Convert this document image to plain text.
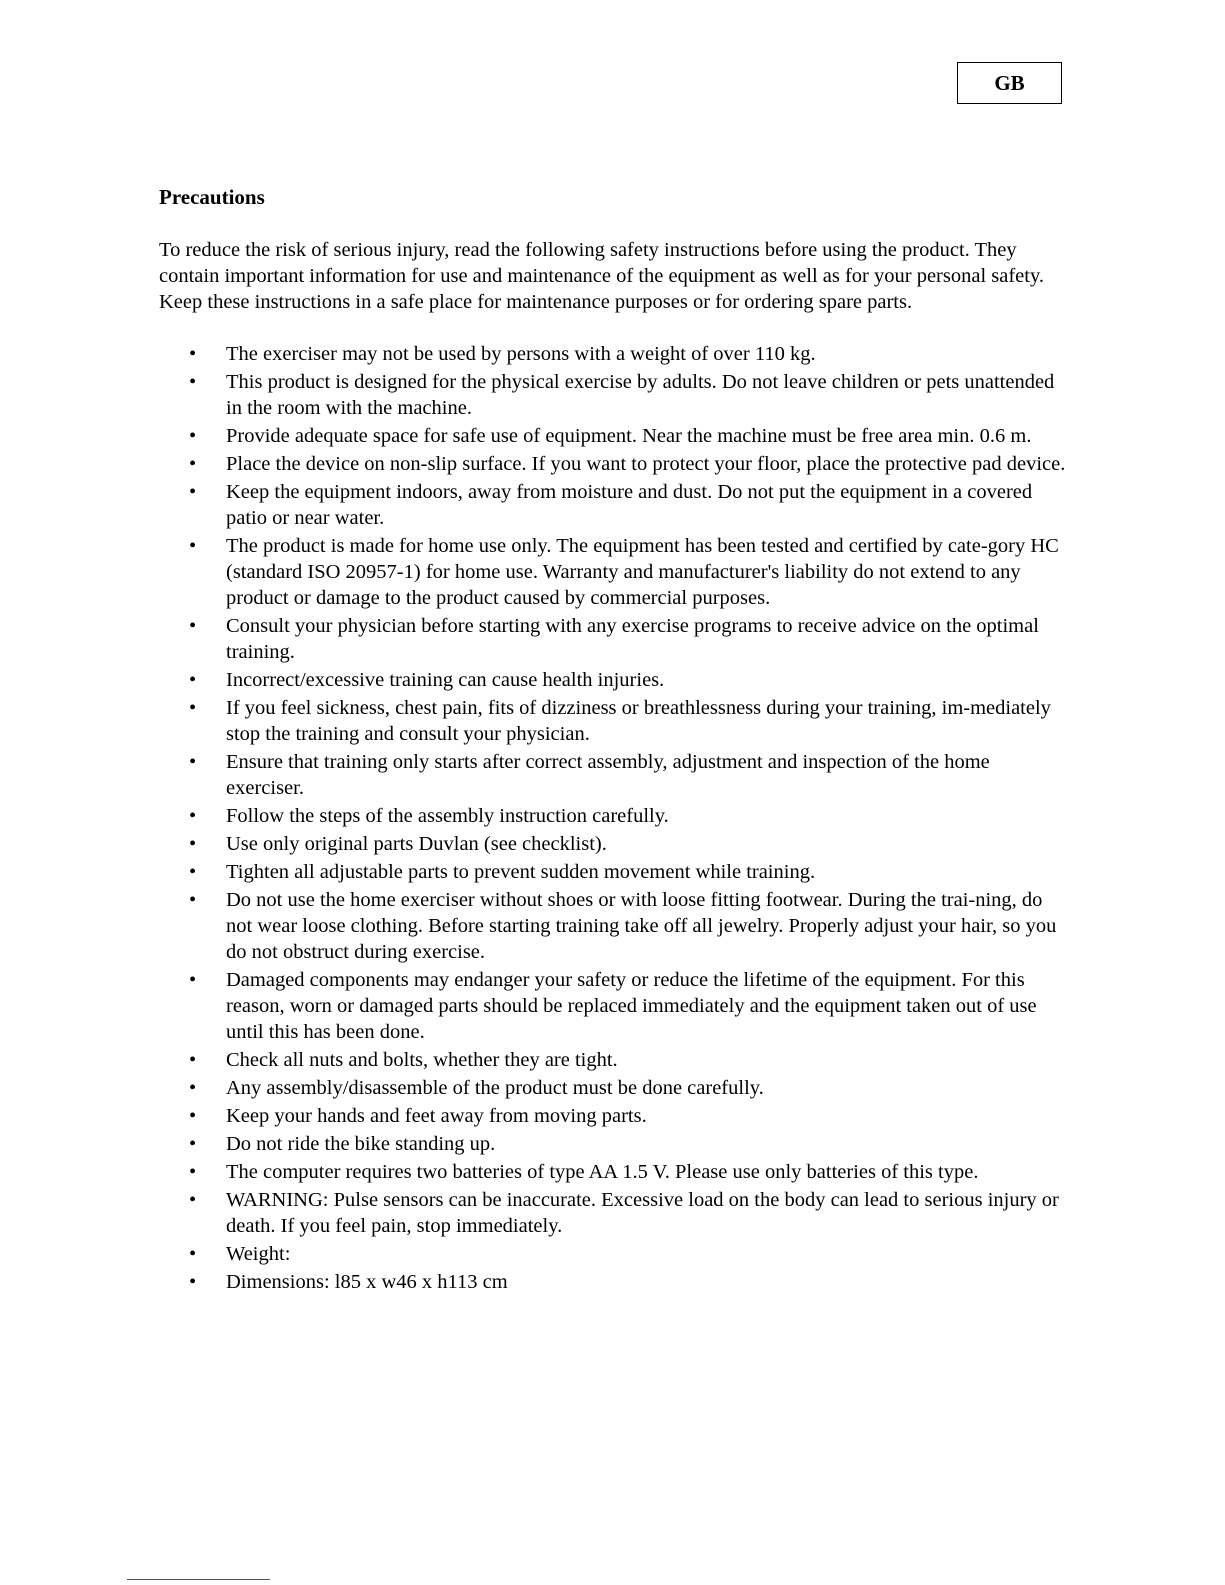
GB
Precautions

To reduce the risk of serious injury, read the following safety instructions before using the product. They contain important information for use and maintenance of the equipment as well as for your personal safety. Keep these instructions in a safe place for maintenance purposes or for ordering spare parts.

• The exerciser may not be used by persons with a weight of over 110 kg.
• This product is designed for the physical exercise by adults. Do not leave children or pets unattended in the room with the machine.
• Provide adequate space for safe use of equipment. Near the machine must be free area min. 0.6 m.
• Place the device on non-slip surface. If you want to protect your floor, place the protective pad device.
• Keep the equipment indoors, away from moisture and dust. Do not put the equipment in a covered patio or near water.
• The product is made for home use only. The equipment has been tested and certified by cate-gory HC (standard ISO 20957-1) for home use. Warranty and manufacturer's liability do not extend to any product or damage to the product caused by commercial purposes.
• Consult your physician before starting with any exercise programs to receive advice on the optimal training.
• Incorrect/excessive training can cause health injuries.
• If you feel sickness, chest pain, fits of dizziness or breathlessness during your training, im-mediately stop the training and consult your physician.
• Ensure that training only starts after correct assembly, adjustment and inspection of the home exerciser.
• Follow the steps of the assembly instruction carefully.
• Use only original parts Duvlan (see checklist).
• Tighten all adjustable parts to prevent sudden movement while training.
• Do not use the home exerciser without shoes or with loose fitting footwear. During the trai-ning, do not wear loose clothing. Before starting training take off all jewelry. Properly adjust your hair, so you do not obstruct during exercise.
• Damaged components may endanger your safety or reduce the lifetime of the equipment. For this reason, worn or damaged parts should be replaced immediately and the equipment taken out of use until this has been done.
• Check all nuts and bolts, whether they are tight.
• Any assembly/disassemble of the product must be done carefully.
• Keep your hands and feet away from moving parts.
• Do not ride the bike standing up.
• The computer requires two batteries of type AA 1.5 V. Please use only batteries of this type.
• WARNING: Pulse sensors can be inaccurate. Excessive load on the body can lead to serious injury or death. If you feel pain, stop immediately.
• Weight:
• Dimensions: l85 x w46 x h113 cm
